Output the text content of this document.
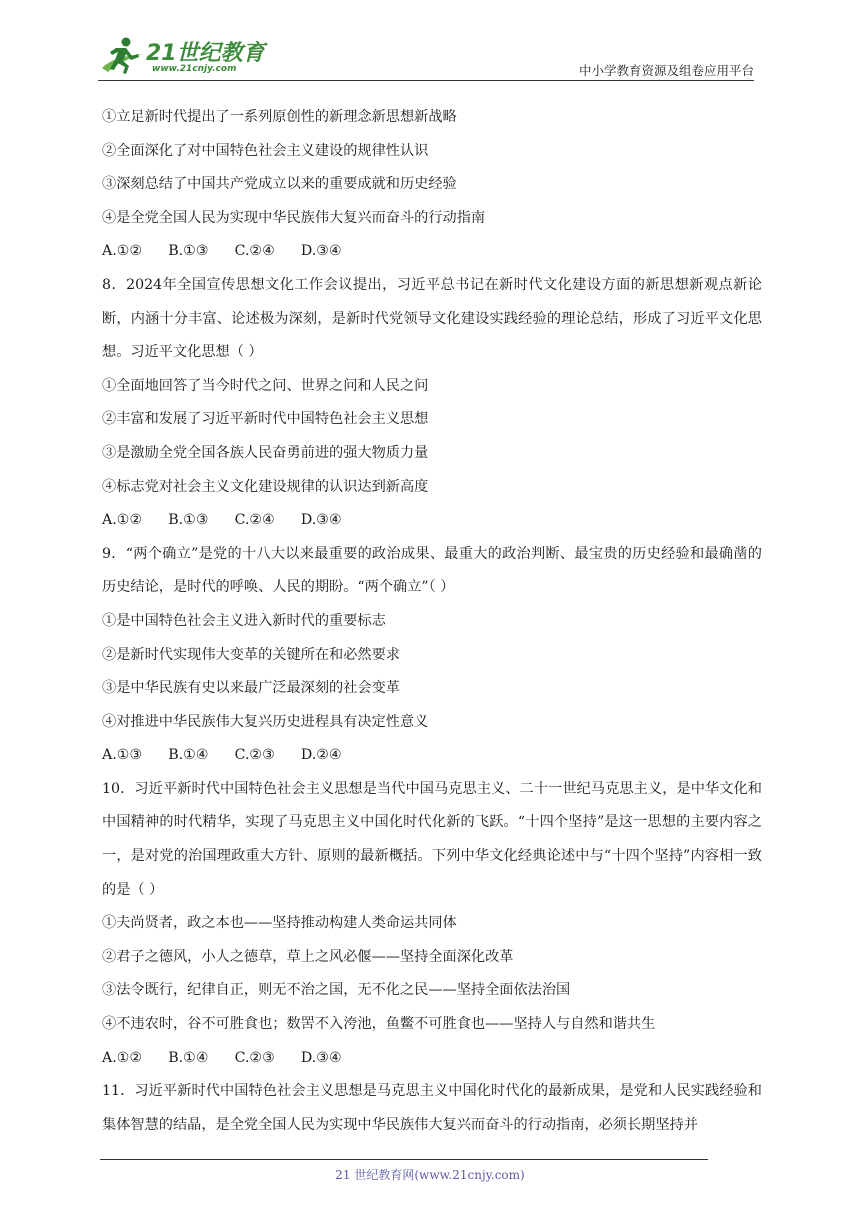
21世纪教育
www.21cnjy.com	中小学教育资源及组卷应用平台
①立足新时代提出了一系列原创性的新理念新思想新战略
②全面深化了对中国特色社会主义建设的规律性认识
③深刻总结了中国共产党成立以来的重要成就和历史经验
④是全党全国人民为实现中华民族伟大复兴而奋斗的行动指南
A.①② B.①③ C.②④ D.③④
8．2024年全国宣传思想文化工作会议提出，习近平总书记在新时代文化建设方面的新思想新观点新论断，内涵十分丰富、论述极为深刻，是新时代党领导文化建设实践经验的理论总结，形成了习近平文化思想。习近平文化思想（ ）
①全面地回答了当今时代之问、世界之问和人民之问
②丰富和发展了习近平新时代中国特色社会主义思想
③是激励全党全国各族人民奋勇前进的强大物质力量
④标志党对社会主义文化建设规律的认识达到新高度
A.①② B.①③ C.②④ D.③④
9．“两个确立”是党的十八大以来最重要的政治成果、最重大的政治判断、最宝贵的历史经验和最确凿的历史结论，是时代的呼唤、人民的期盼。“两个确立”（ ）
①是中国特色社会主义进入新时代的重要标志
②是新时代实现伟大变革的关键所在和必然要求
③是中华民族有史以来最广泛最深刻的社会变革
④对推进中华民族伟大复兴历史进程具有决定性意义
A.①③ B.①④ C.②③ D.②④
10．习近平新时代中国特色社会主义思想是当代中国马克思主义、二十一世纪马克思主义，是中华文化和中国精神的时代精华，实现了马克思主义中国化时代化新的飞跃。“十四个坚持”是这一思想的主要内容之一，是对党的治国理政重大方针、原则的最新概括。下列中华文化经典论述中与“十四个坚持”内容相一致的是（ ）
①夫尚贤者，政之本也——坚持推动构建人类命运共同体
②君子之德风，小人之德草，草上之风必偃——坚持全面深化改革
③法令既行，纪律自正，则无不治之国，无不化之民——坚持全面依法治国
④不违农时，谷不可胜食也；数罟不入洿池，鱼鳖不可胜食也——坚持人与自然和谐共生
A.①② B.①④ C.②③ D.③④
11．习近平新时代中国特色社会主义思想是马克思主义中国化时代化的最新成果，是党和人民实践经验和集体智慧的结晶，是全党全国人民为实现中华民族伟大复兴而奋斗的行动指南，必须长期坚持并
21 世纪教育网(www.21cnjy.com)
